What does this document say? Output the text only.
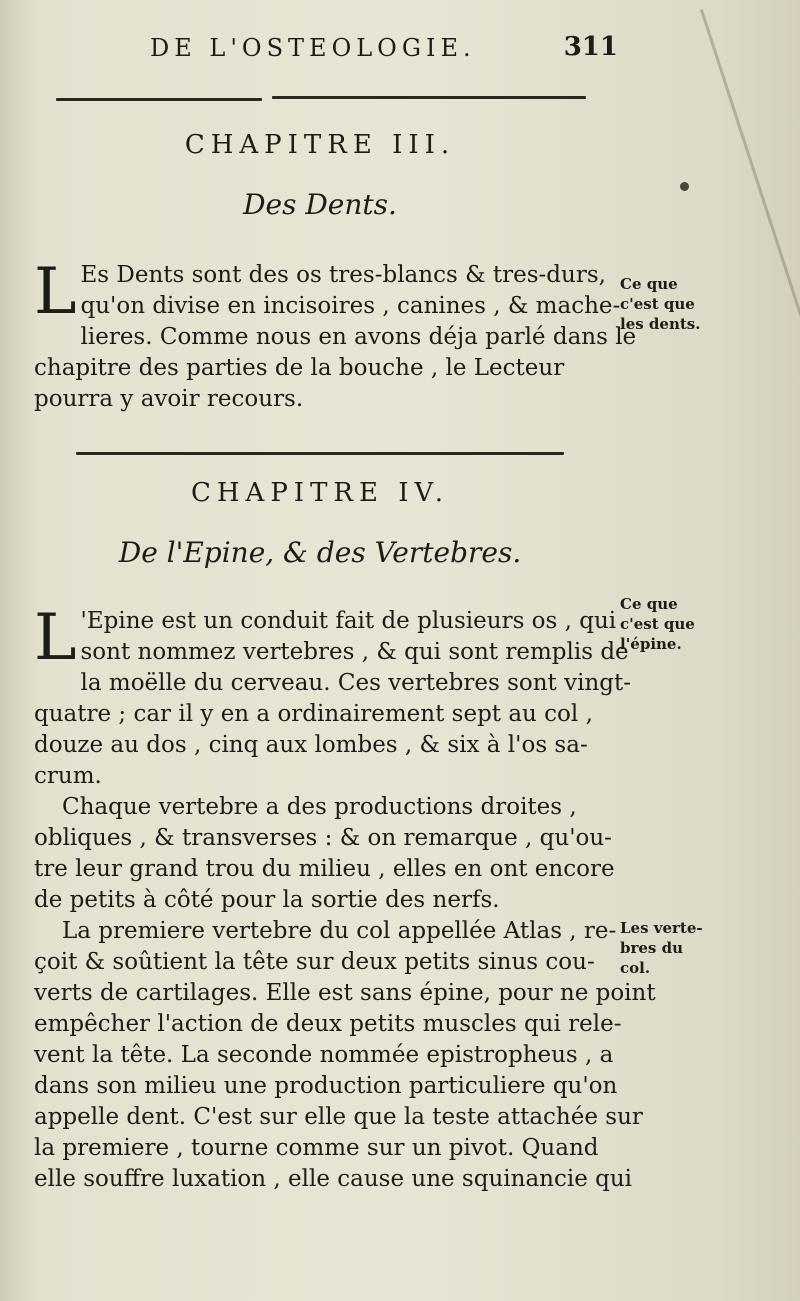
DE L'OSTEOLOGIE.	311
CHAPITRE III.
Des Dents.
L Es Dents sont des os tres-blancs & tres-durs,
qu'on divise en incisoires , canines , & mache-
lieres. Comme nous en avons déja parlé dans le
chapitre des parties de la bouche , le Lecteur
pourra y avoir recours.
Ce que
c'est que
les dents.
CHAPITRE IV.
De l'Epine, & des Vertebres.
L 'Epine est un conduit fait de plusieurs os , qui
sont nommez vertebres , & qui sont remplis de
la moëlle du cerveau. Ces vertebres sont vingt-
quatre ; car il y en a ordinairement sept au col ,
douze au dos , cinq aux lombes , & six à l'os sa-
crum.
Chaque vertebre a des productions droites ,
obliques , & transverses : & on remarque , qu'ou-
tre leur grand trou du milieu , elles en ont encore
de petits à côté pour la sortie des nerfs.
La premiere vertebre du col appellée Atlas , re-
çoit & soûtient la tête sur deux petits sinus cou-
verts de cartilages. Elle est sans épine, pour ne point
empêcher l'action de deux petits muscles qui rele-
vent la tête. La seconde nommée epistropheus , a
dans son milieu une production particuliere qu'on
appelle dent. C'est sur elle que la teste attachée sur
la premiere , tourne comme sur un pivot. Quand
elle souffre luxation , elle cause une squinancie qui
Ce que
c'est que
l'épine.
Les verte-
bres du
col.
